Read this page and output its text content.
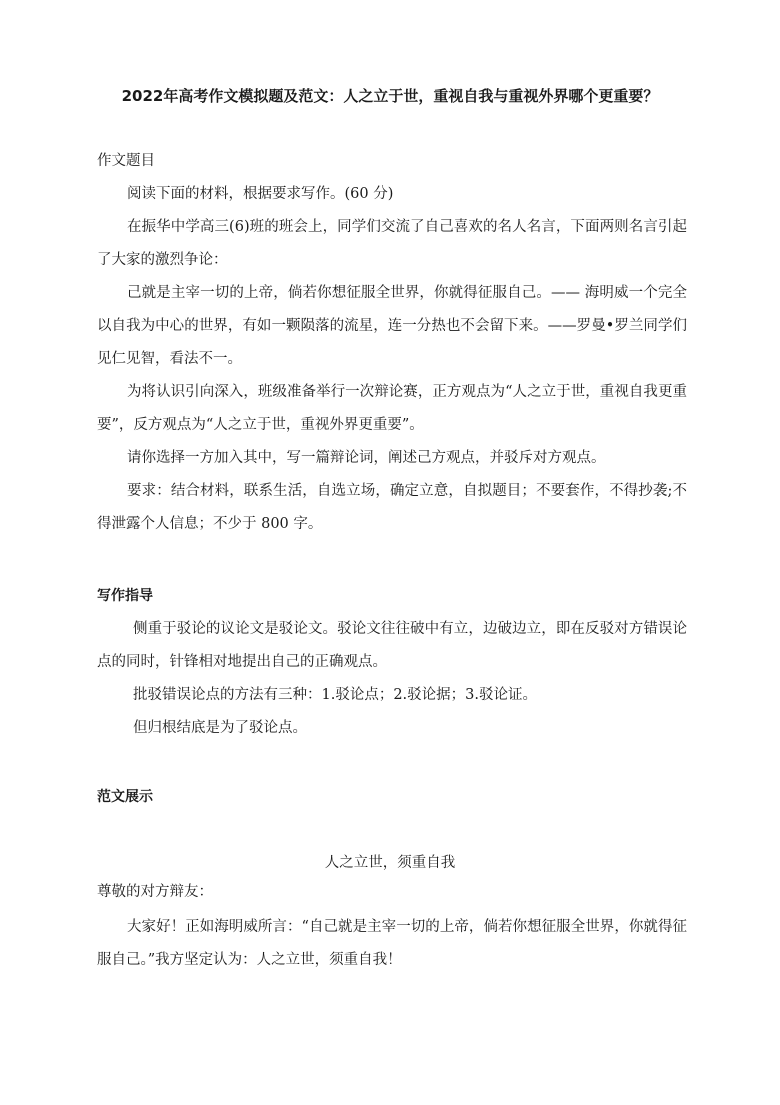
2022年高考作文模拟题及范文：人之立于世，重视自我与重视外界哪个更重要？

作文题目

阅读下面的材料，根据要求写作。(60 分)

在振华中学高三(6)班的班会上，同学们交流了自己喜欢的名人名言，下面两则名言引起了大家的激烈争论：

己就是主宰一切的上帝，倘若你想征服全世界，你就得征服自己。—— 海明威一个完全以自我为中心的世界，有如一颗陨落的流星，连一分热也不会留下来。——罗曼•罗兰同学们见仁见智，看法不一。

为将认识引向深入，班级准备举行一次辩论赛，正方观点为“人之立于世，重视自我更重要”，反方观点为“人之立于世，重视外界更重要”。

请你选择一方加入其中，写一篇辩论词，阐述己方观点，并驳斥对方观点。

要求：结合材料，联系生活，自选立场，确定立意，自拟题目；不要套作，不得抄袭;不得泄露个人信息；不少于 800 字。

写作指导

侧重于驳论的议论文是驳论文。驳论文往往破中有立，边破边立，即在反驳对方错误论点的同时，针锋相对地提出自己的正确观点。

批驳错误论点的方法有三种：1.驳论点；2.驳论据；3.驳论证。

但归根结底是为了驳论点。

范文展示

人之立世，须重自我

尊敬的对方辩友：

大家好！正如海明威所言：“自己就是主宰一切的上帝，倘若你想征服全世界，你就得征服自己。”我方坚定认为：人之立世，须重自我！
